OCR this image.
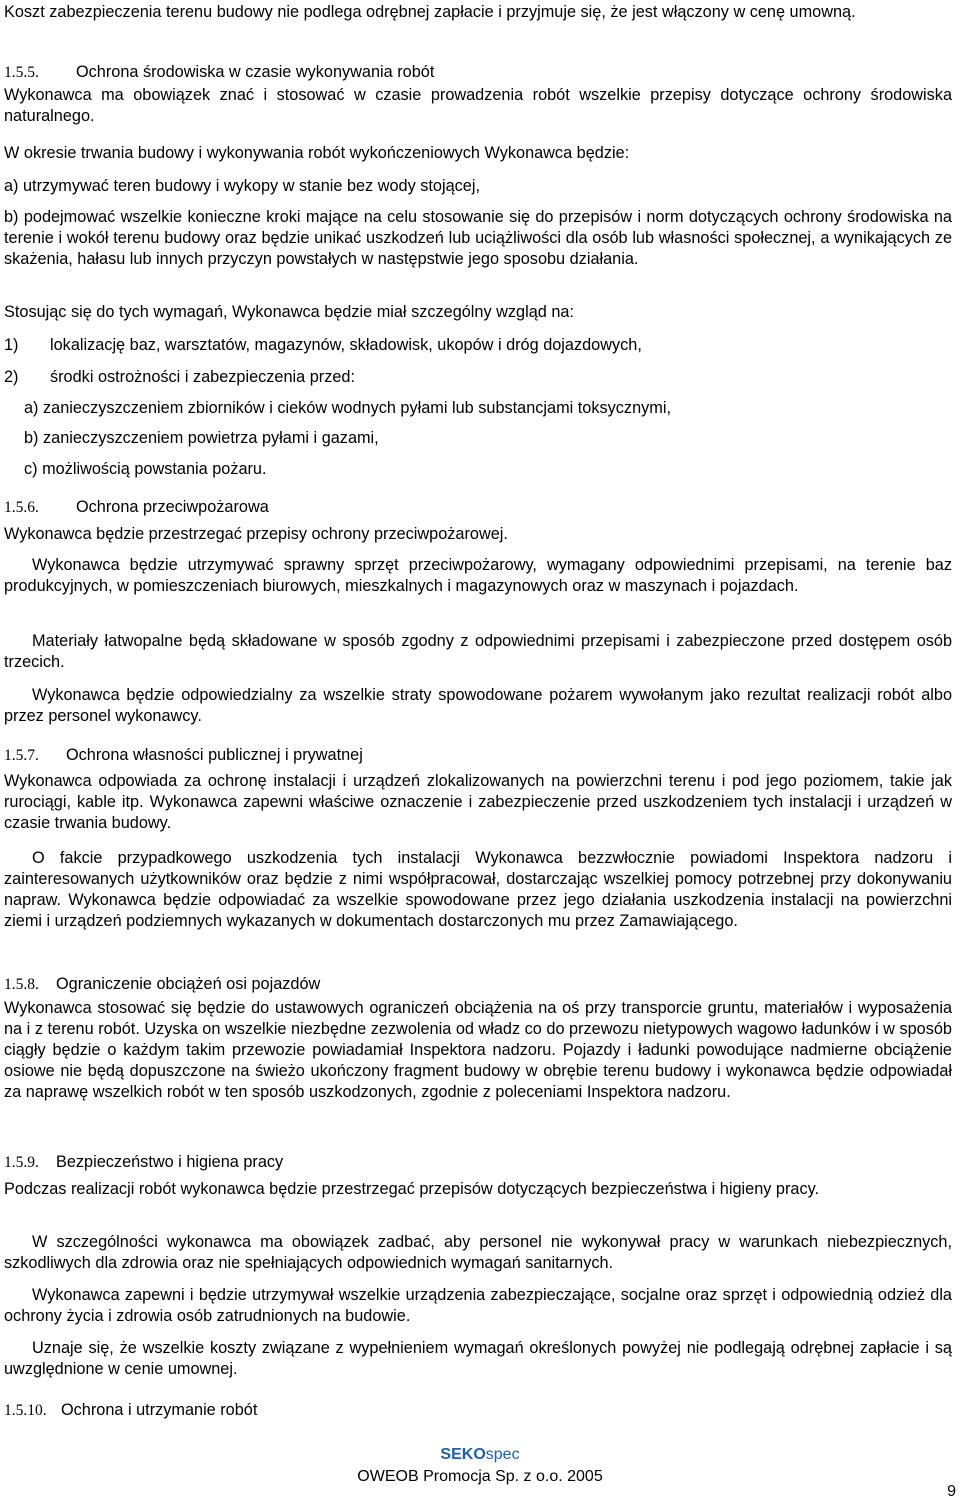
Koszt zabezpieczenia terenu budowy nie podlega odrębnej zapłacie i przyjmuje się, że jest włączony w cenę umowną.

1.5.5.	Ochrona środowiska w czasie wykonywania robót

Wykonawca ma obowiązek znać i stosować w czasie prowadzenia robót wszelkie przepisy dotyczące ochrony środowiska naturalnego.

W okresie trwania budowy i wykonywania robót wykończeniowych Wykonawca będzie:

a) utrzymywać teren budowy i wykopy w stanie bez wody stojącej,

b) podejmować wszelkie konieczne kroki mające na celu stosowanie się do przepisów i norm dotyczących ochrony środowiska na terenie i wokół terenu budowy oraz będzie unikać uszkodzeń lub uciążliwości dla osób lub własności społecznej, a wynikających ze skażenia, hałasu lub innych przyczyn powstałych w następstwie jego sposobu działania.

Stosując się do tych wymagań, Wykonawca będzie miał szczególny wzgląd na:

1)	lokalizację baz, warsztatów, magazynów, składowisk, ukopów i dróg dojazdowych,
2)	środki ostrożności i zabezpieczenia przed:

a) zanieczyszczeniem zbiorników i cieków wodnych pyłami lub substancjami toksycznymi,

b) zanieczyszczeniem powietrza pyłami i gazami,

c) możliwością powstania pożaru.

1.5.6.	Ochrona przeciwpożarowa

Wykonawca będzie przestrzegać przepisy ochrony przeciwpożarowej.

Wykonawca będzie utrzymywać sprawny sprzęt przeciwpożarowy, wymagany odpowiednimi przepisami, na terenie baz produkcyjnych, w pomieszczeniach biurowych, mieszkalnych i magazynowych oraz w maszynach i pojazdach.

Materiały łatwopalne będą składowane w sposób zgodny z odpowiednimi przepisami i zabezpieczone przed dostępem osób trzecich.

Wykonawca będzie odpowiedzialny za wszelkie straty spowodowane pożarem wywołanym jako rezultat realizacji robót albo przez personel wykonawcy.

1.5.7.	Ochrona własności publicznej i prywatnej

Wykonawca odpowiada za ochronę instalacji i urządzeń zlokalizowanych na powierzchni terenu i pod jego poziomem, takie jak rurociągi, kable itp. Wykonawca zapewni właściwe oznaczenie i zabezpieczenie przed uszkodzeniem tych instalacji i urządzeń w czasie trwania budowy.

O fakcie przypadkowego uszkodzenia tych instalacji Wykonawca bezzwłocznie powiadomi Inspektora nadzoru i zainteresowanych użytkowników oraz będzie z nimi współpracował, dostarczając wszelkiej pomocy potrzebnej przy dokonywaniu napraw. Wykonawca będzie odpowiadać za wszelkie spowodowane przez jego działania uszkodzenia instalacji na powierzchni ziemi i urządzeń podziemnych wykazanych w dokumentach dostarczonych mu przez Zamawiającego.

1.5.8.	Ograniczenie obciążeń osi pojazdów

Wykonawca stosować się będzie do ustawowych ograniczeń obciążenia na oś przy transporcie gruntu, materiałów i wyposażenia na i z terenu robót. Uzyska on wszelkie niezbędne zezwolenia od władz co do przewozu nietypowych wagowo ładunków i w sposób ciągły będzie o każdym takim przewozie powiadamiał Inspektora nadzoru. Pojazdy i ładunki powodujące nadmierne obciążenie osiowe nie będą dopuszczone na świeżo ukończony fragment budowy w obrębie terenu budowy i wykonawca będzie odpowiadał za naprawę wszelkich robót w ten sposób uszkodzonych, zgodnie z poleceniami Inspektora nadzoru.

1.5.9.	Bezpieczeństwo i higiena pracy

Podczas realizacji robót wykonawca będzie przestrzegać przepisów dotyczących bezpieczeństwa i higieny pracy.

W szczególności wykonawca ma obowiązek zadbać, aby personel nie wykonywał pracy w warunkach niebezpiecznych, szkodliwych dla zdrowia oraz nie spełniających odpowiednich wymagań sanitarnych.

Wykonawca zapewni i będzie utrzymywał wszelkie urządzenia zabezpieczające, socjalne oraz sprzęt i odpowiednią odzież dla ochrony życia i zdrowia osób zatrudnionych na budowie.

Uznaje się, że wszelkie koszty związane z wypełnieniem wymagań określonych powyżej nie podlegają odrębnej zapłacie i są uwzględnione w cenie umownej.

1.5.10. Ochrona i utrzymanie robót
SEKOspec
OWEOB Promocja Sp. z o.o. 2005
9
